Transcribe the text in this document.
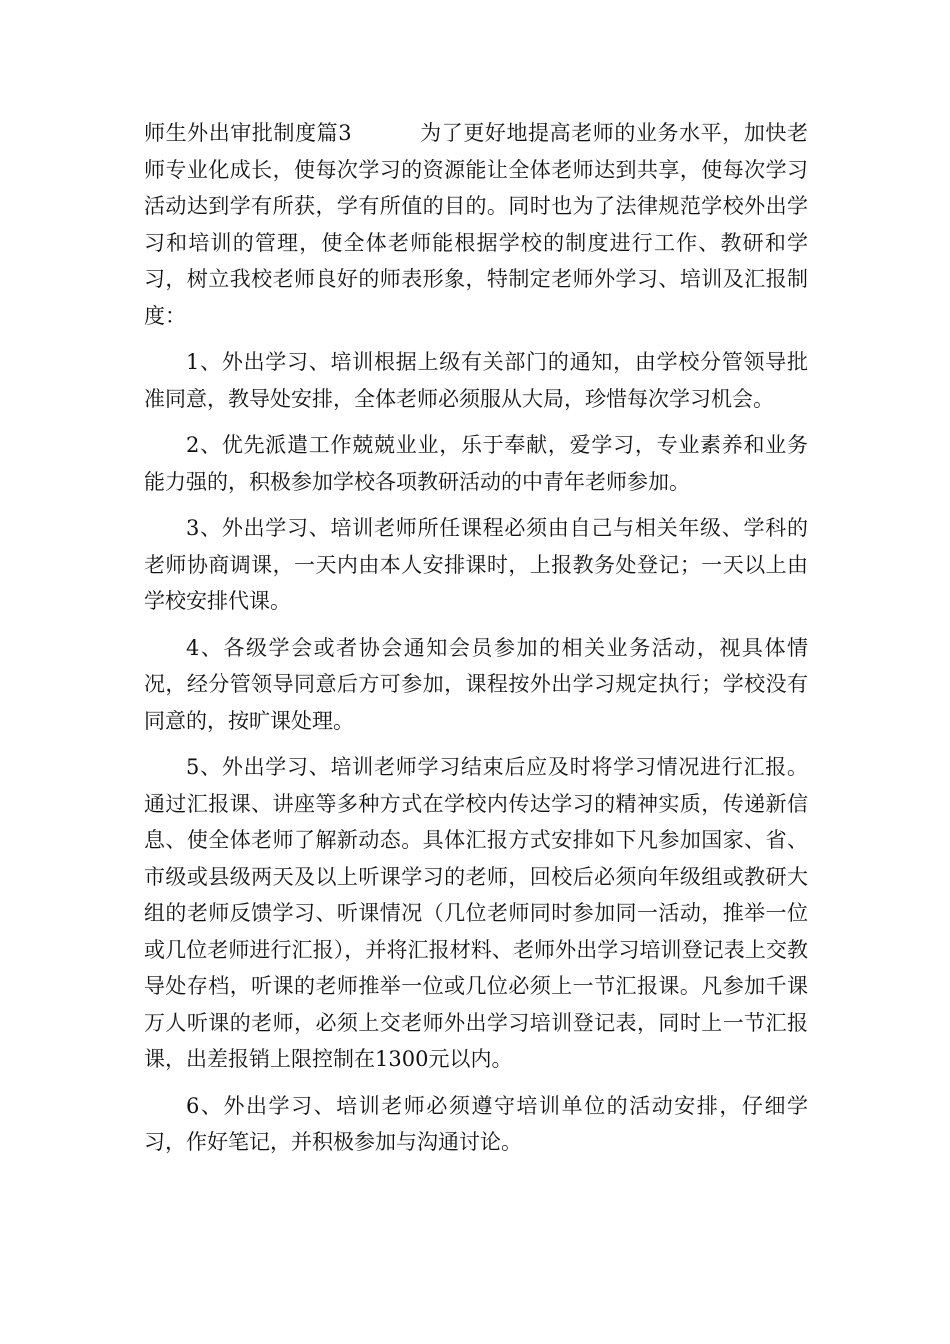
师生外出审批制度篇3	为了更好地提高老师的业务水平，加快老师专业化成长，使每次学习的资源能让全体老师达到共享，使每次学习活动达到学有所获，学有所值的目的。同时也为了法律规范学校外出学习和培训的管理，使全体老师能根据学校的制度进行工作、教研和学习，树立我校老师良好的师表形象，特制定老师外学习、培训及汇报制度：

1、外出学习、培训根据上级有关部门的通知，由学校分管领导批准同意，教导处安排，全体老师必须服从大局，珍惜每次学习机会。

2、优先派遣工作兢兢业业，乐于奉献，爱学习，专业素养和业务能力强的，积极参加学校各项教研活动的中青年老师参加。

3、外出学习、培训老师所任课程必须由自己与相关年级、学科的老师协商调课，一天内由本人安排课时，上报教务处登记；一天以上由学校安排代课。

4、各级学会或者协会通知会员参加的相关业务活动，视具体情况，经分管领导同意后方可参加，课程按外出学习规定执行；学校没有同意的，按旷课处理。

5、外出学习、培训老师学习结束后应及时将学习情况进行汇报。通过汇报课、讲座等多种方式在学校内传达学习的精神实质，传递新信息、使全体老师了解新动态。具体汇报方式安排如下凡参加国家、省、市级或县级两天及以上听课学习的老师，回校后必须向年级组或教研大组的老师反馈学习、听课情况（几位老师同时参加同一活动，推举一位或几位老师进行汇报），并将汇报材料、老师外出学习培训登记表上交教导处存档，听课的老师推举一位或几位必须上一节汇报课。凡参加千课万人听课的老师，必须上交老师外出学习培训登记表，同时上一节汇报课，出差报销上限控制在1300元以内。

6、外出学习、培训老师必须遵守培训单位的活动安排，仔细学习，作好笔记，并积极参加与沟通讨论。
